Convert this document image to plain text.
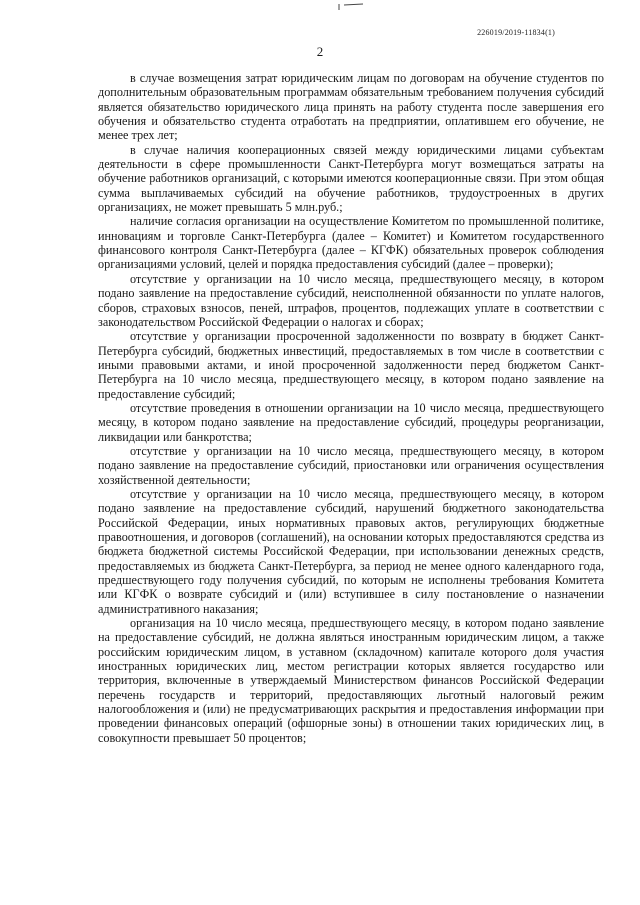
226019/2019-11834(1)
2

в случае возмещения затрат юридическим лицам по договорам на обучение студентов по дополнительным образовательным программам обязательным требованием получения субсидий является обязательство юридического лица принять на работу студента после завершения его обучения и обязательство студента отработать на предприятии, оплатившем его обучение, не менее трех лет;

в случае наличия кооперационных связей между юридическими лицами субъектам деятельности в сфере промышленности Санкт-Петербурга могут возмещаться затраты на обучение работников организаций, с которыми имеются кооперационные связи. При этом общая сумма выплачиваемых субсидий на обучение работников, трудоустроенных в других организациях, не может превышать 5 млн.руб.;

наличие согласия организации на осуществление Комитетом по промышленной политике, инновациям и торговле Санкт-Петербурга (далее – Комитет) и Комитетом государственного финансового контроля Санкт-Петербурга (далее – КГФК) обязательных проверок соблюдения организациями условий, целей и порядка предоставления субсидий (далее – проверки);

отсутствие у организации на 10 число месяца, предшествующего месяцу, в котором подано заявление на предоставление субсидий, неисполненной обязанности по уплате налогов, сборов, страховых взносов, пеней, штрафов, процентов, подлежащих уплате в соответствии с законодательством Российской Федерации о налогах и сборах;

отсутствие у организации просроченной задолженности по возврату в бюджет Санкт-Петербурга субсидий, бюджетных инвестиций, предоставляемых в том числе в соответствии с иными правовыми актами, и иной просроченной задолженности перед бюджетом Санкт-Петербурга на 10 число месяца, предшествующего месяцу, в котором подано заявление на предоставление субсидий;

отсутствие проведения в отношении организации на 10 число месяца, предшествующего месяцу, в котором подано заявление на предоставление субсидий, процедуры реорганизации, ликвидации или банкротства;

отсутствие у организации на 10 число месяца, предшествующего месяцу, в котором подано заявление на предоставление субсидий, приостановки или ограничения осуществления хозяйственной деятельности;

отсутствие у организации на 10 число месяца, предшествующего месяцу, в котором подано заявление на предоставление субсидий, нарушений бюджетного законодательства Российской Федерации, иных нормативных правовых актов, регулирующих бюджетные правоотношения, и договоров (соглашений), на основании которых предоставляются средства из бюджета бюджетной системы Российской Федерации, при использовании денежных средств, предоставляемых из бюджета Санкт-Петербурга, за период не менее одного календарного года, предшествующего году получения субсидий, по которым не исполнены требования Комитета или КГФК о возврате субсидий и (или) вступившее в силу постановление о назначении административного наказания;

организация на 10 число месяца, предшествующего месяцу, в котором подано заявление на предоставление субсидий, не должна являться иностранным юридическим лицом, а также российским юридическим лицом, в уставном (складочном) капитале которого доля участия иностранных юридических лиц, местом регистрации которых является государство или территория, включенные в утверждаемый Министерством финансов Российской Федерации перечень государств и территорий, предоставляющих льготный налоговый режим налогообложения и (или) не предусматривающих раскрытия и предоставления информации при проведении финансовых операций (офшорные зоны) в отношении таких юридических лиц, в совокупности превышает 50 процентов;
